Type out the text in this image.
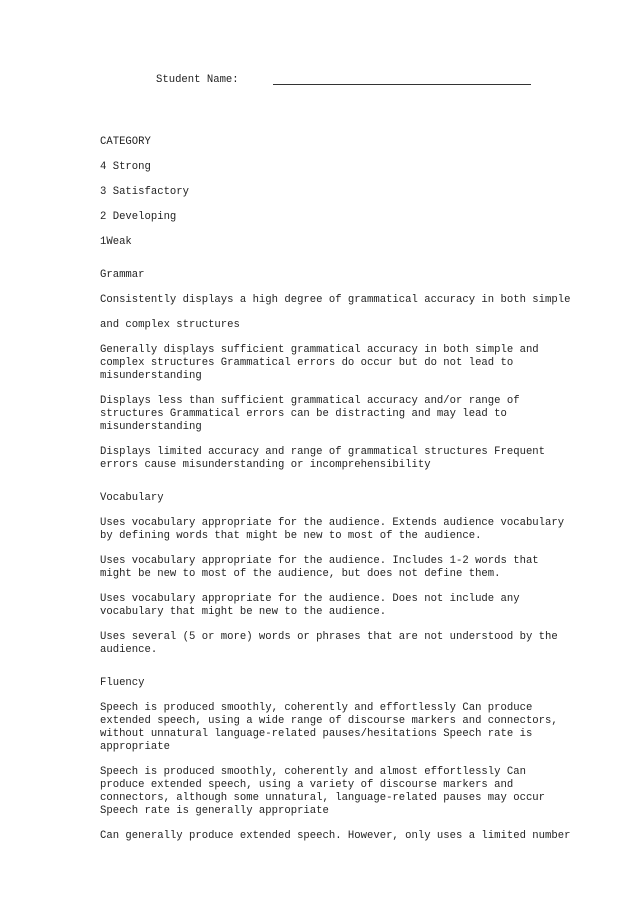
Student Name:
CATEGORY
4 Strong
3 Satisfactory
2 Developing
1Weak
Grammar
Consistently displays a high degree of grammatical accuracy in both simple
and complex structures
Generally displays sufficient grammatical accuracy in both simple and
complex structures Grammatical errors do occur but do not lead to
misunderstanding
Displays less than sufficient grammatical accuracy and/or range of
structures Grammatical errors can be distracting and may lead to
misunderstanding
Displays limited accuracy and range of grammatical structures Frequent
errors cause misunderstanding or incomprehensibility
Vocabulary
Uses vocabulary appropriate for the audience. Extends audience vocabulary
by defining words that might be new to most of the audience.
Uses vocabulary appropriate for the audience. Includes 1-2 words that
might be new to most of the audience, but does not define them.
Uses vocabulary appropriate for the audience. Does not include any
vocabulary that might be new to the audience.
Uses several (5 or more) words or phrases that are not understood by the
audience.
Fluency
Speech is produced smoothly, coherently and effortlessly Can produce
extended speech, using a wide range of discourse markers and connectors,
without unnatural language-related pauses/hesitations Speech rate is
appropriate
Speech is produced smoothly, coherently and almost effortlessly Can
produce extended speech, using a variety of discourse markers and
connectors, although some unnatural, language-related pauses may occur
Speech rate is generally appropriate
Can generally produce extended speech. However, only uses a limited number
